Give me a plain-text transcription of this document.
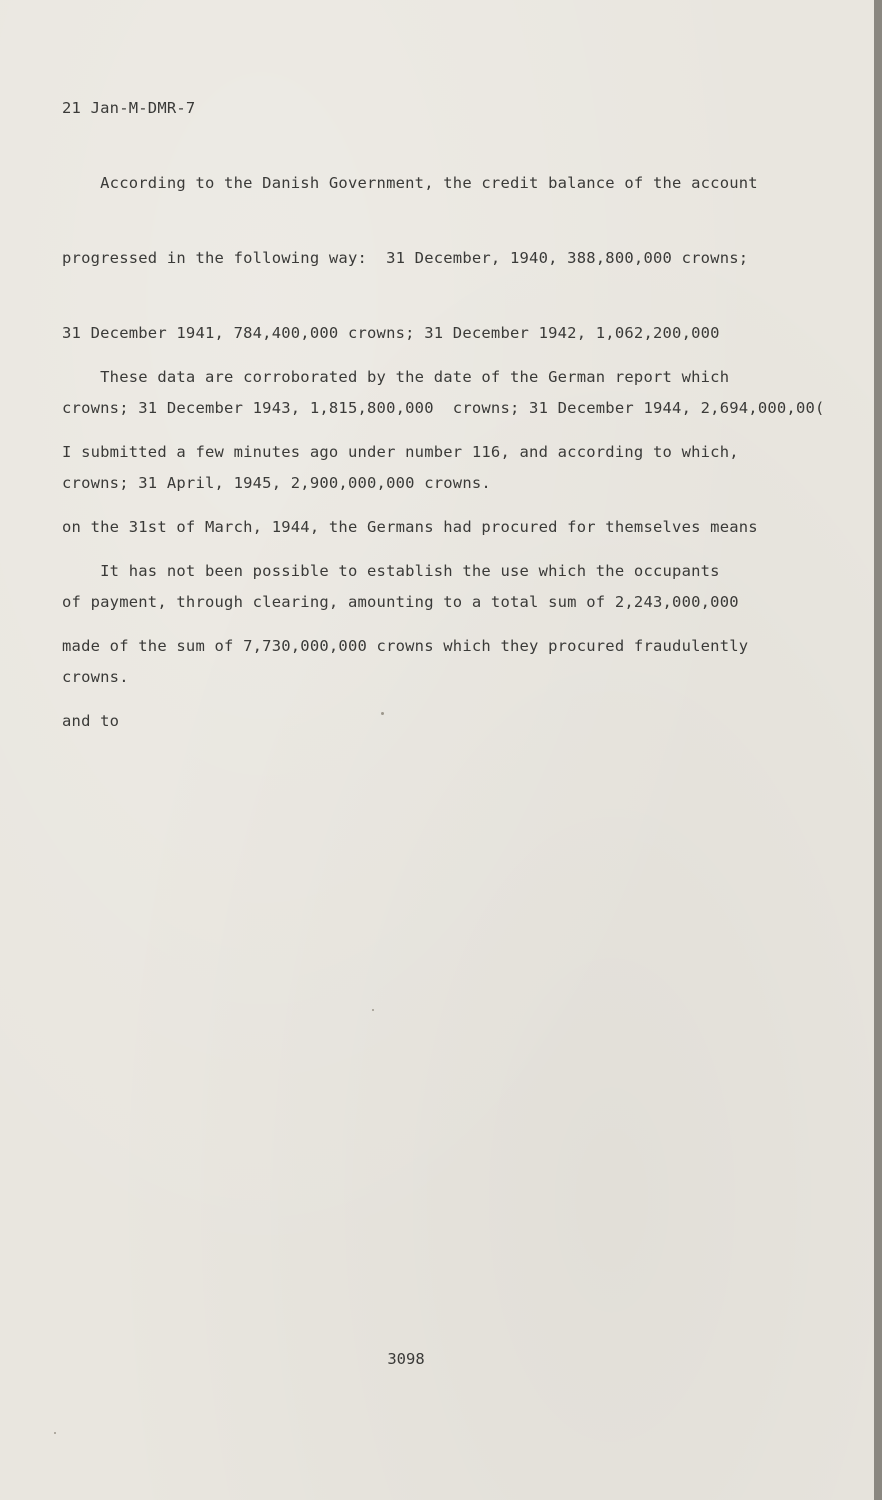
21 Jan-M-DMR-7

According to the Danish Government, the credit balance of the account

progressed in the following way:  31 December, 1940, 388,800,000 crowns;

31 December 1941, 784,400,000 crowns; 31 December 1942, 1,062,200,000

crowns; 31 December 1943, 1,815,800,000  crowns; 31 December 1944, 2,694,000,00(

crowns; 31 April, 1945, 2,900,000,000 crowns.

These data are corroborated by the date of the German report which

I submitted a few minutes ago under number 116, and according to which,

on the 31st of March, 1944, the Germans had procured for themselves means

of payment, through clearing, amounting to a total sum of 2,243,000,000

crowns.

It has not been possible to establish the use which the occupants

made of the sum of 7,730,000,000 crowns which they procured fraudulently

and to

3098
